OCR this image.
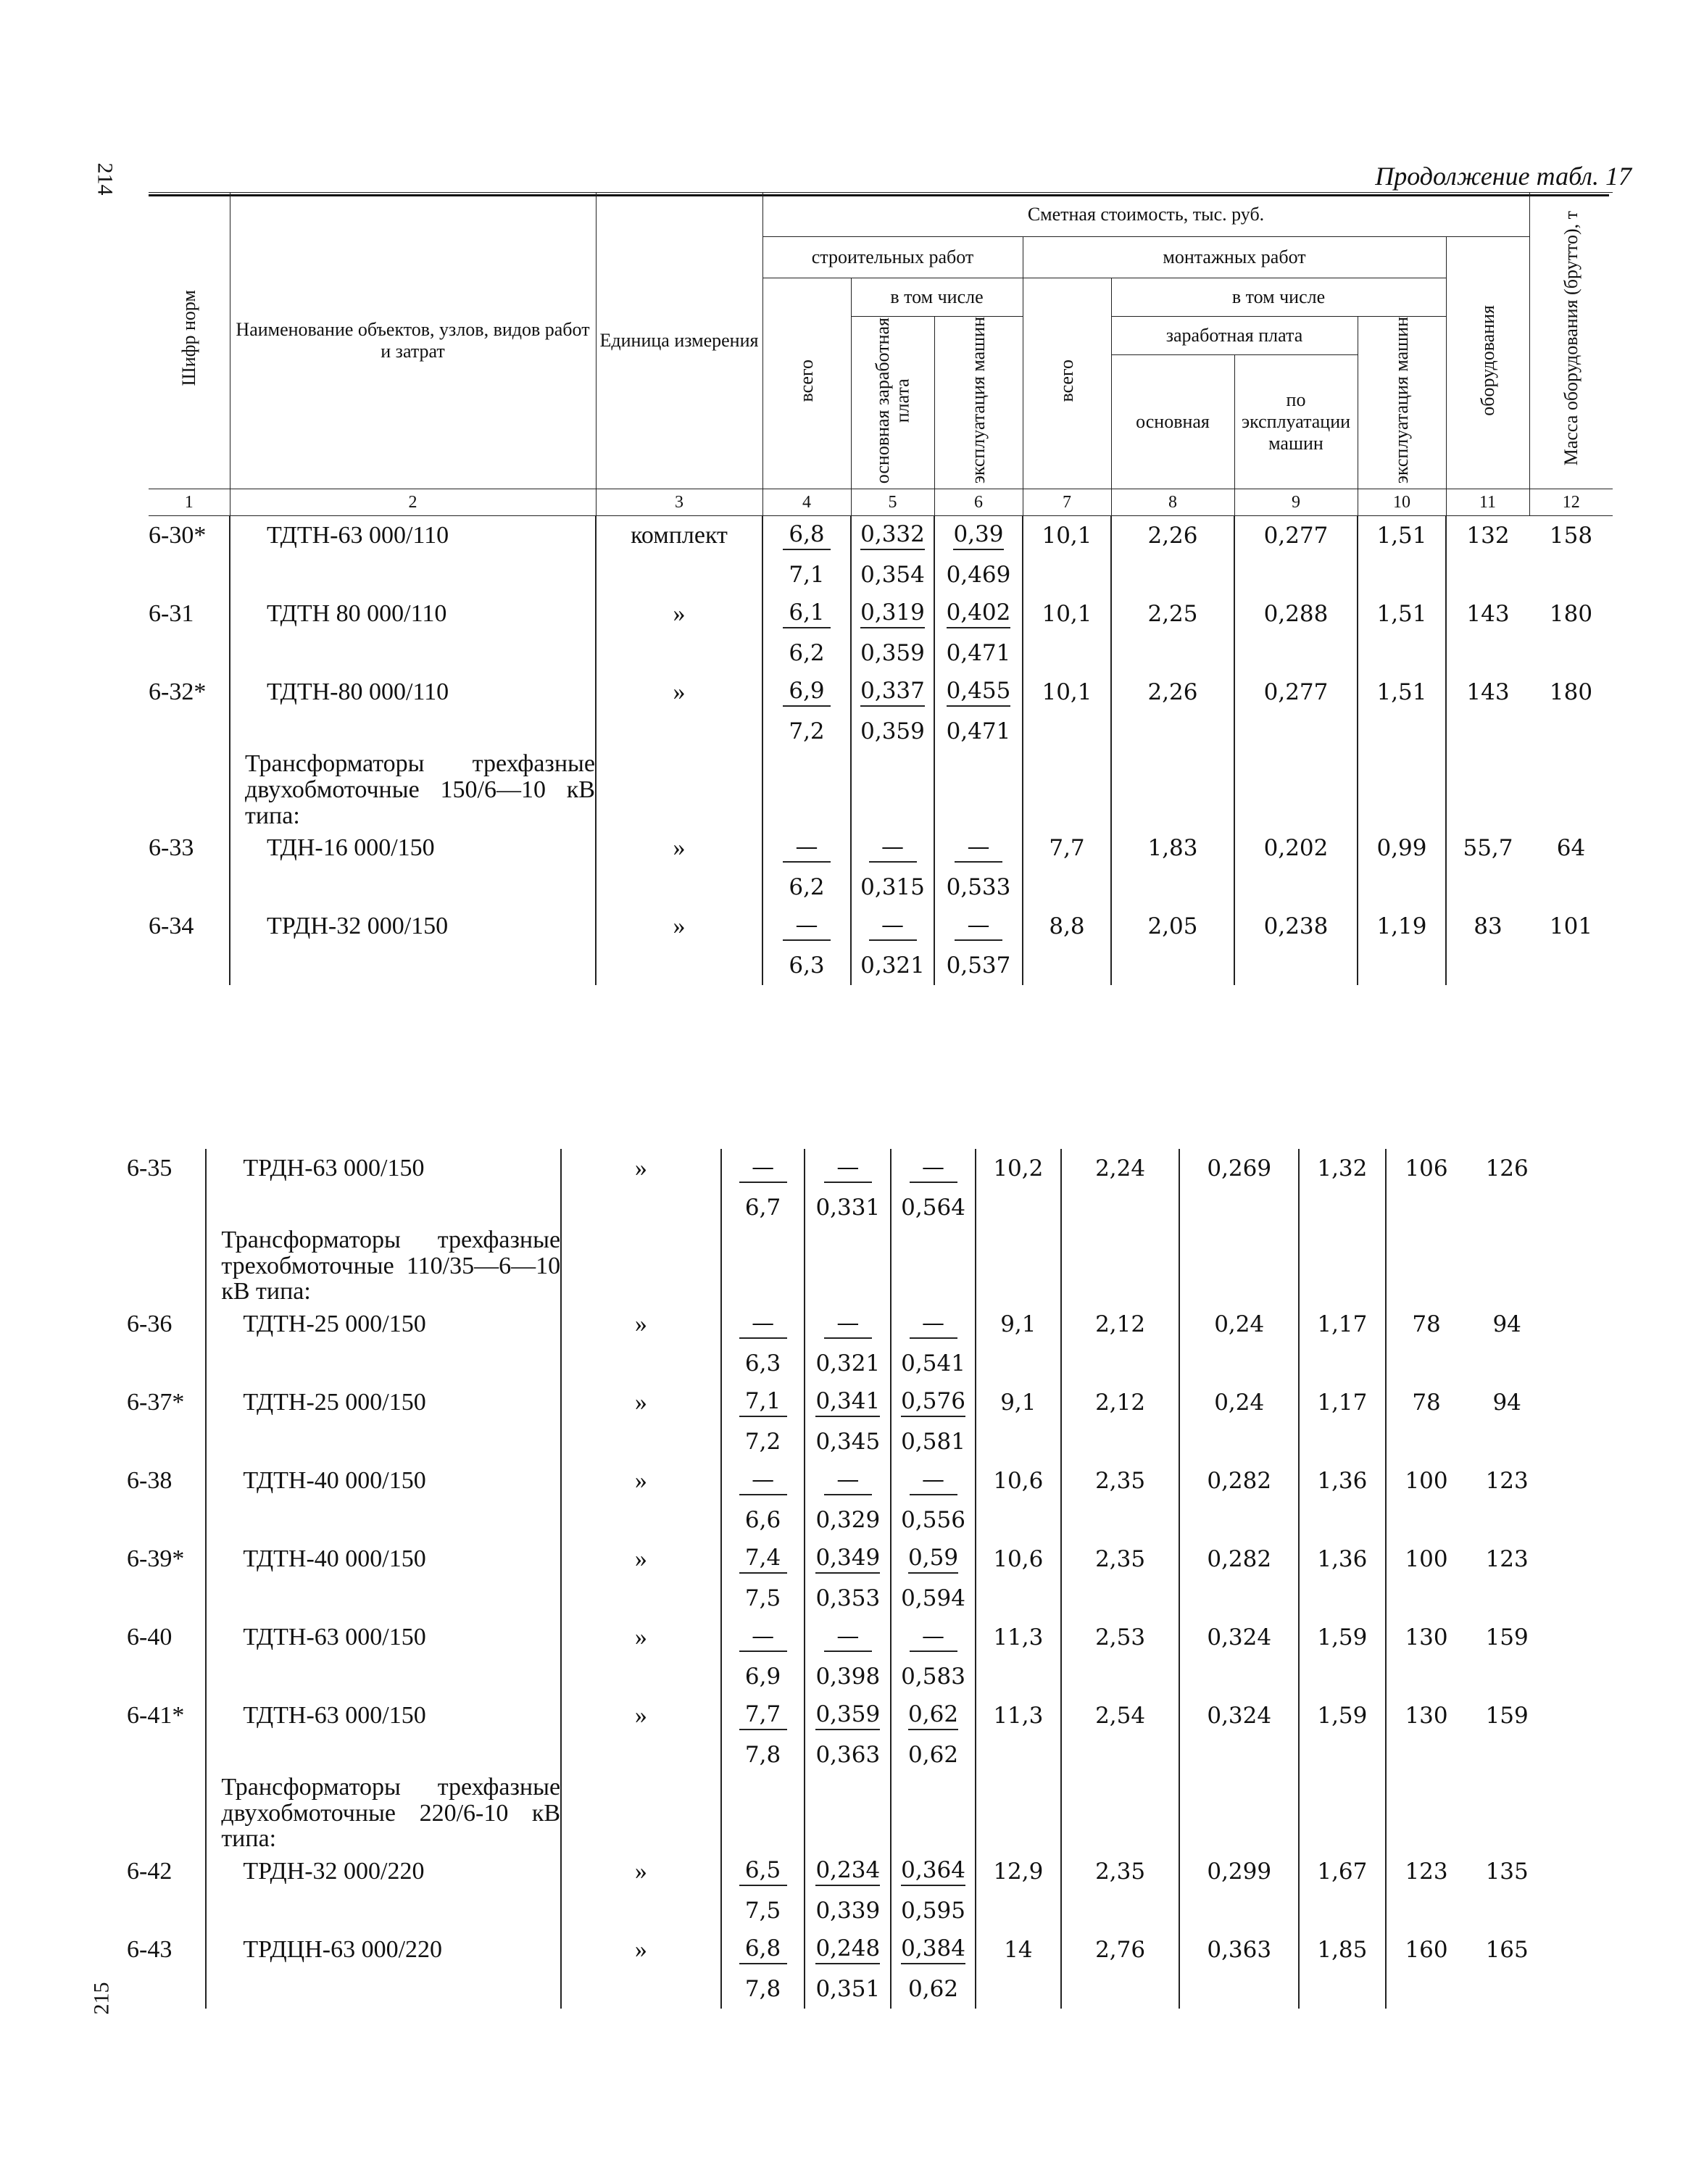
214
215
Продолжение табл. 17
Шифр норм	Наименование объектов, узлов, видов работ и затрат	Единица измерения	Сметная стоимость, тыс. руб.								Масса оборудования (брутто), т
			строительных работ			монтажных работ				оборудования	
			всего	в том числе		всего	в том числе				
				основная заработная плата	эксплуатация машин		заработная плата		эксплуатация машин		
							основная	по эксплуатации машин			
1	2	3	4	5	6	7	8	9	10	11	12
6-30*	ТДТН-63 000/110	комплект	6,8	0,332	0,39	10,1	2,26	0,277	1,51	132	158
			7,1	0,354	0,469						
6-31	ТДТН 80 000/110	»	6,1	0,319	0,402	10,1	2,25	0,288	1,51	143	180
			6,2	0,359	0,471						
6-32*	ТДТН-80 000/110	»	6,9	0,337	0,455	10,1	2,26	0,277	1,51	143	180
			7,2	0,359	0,471						
	Трансформаторы трехфазные двухобмоточные 150/6—10 кВ типа:										
6-33	ТДН-16 000/150	»	—	—	—	7,7	1,83	0,202	0,99	55,7	64
			6,2	0,315	0,533						
6-34	ТРДН-32 000/150	»	—	—	—	8,8	2,05	0,238	1,19	83	101
			6,3	0,321	0,537						
6-35	ТРДН-63 000/150	»	—	—	—	10,2	2,24	0,269	1,32	106	126
			6,7	0,331	0,564						
	Трансформаторы трехфазные трехобмоточные 110/35—6—10 кВ типа:										
6-36	ТДТН-25 000/150	»	—	—	—	9,1	2,12	0,24	1,17	78	94
			6,3	0,321	0,541						
6-37*	ТДТН-25 000/150	»	7,1	0,341	0,576	9,1	2,12	0,24	1,17	78	94
			7,2	0,345	0,581						
6-38	ТДТН-40 000/150	»	—	—	—	10,6	2,35	0,282	1,36	100	123
			6,6	0,329	0,556						
6-39*	ТДТН-40 000/150	»	7,4	0,349	0,59	10,6	2,35	0,282	1,36	100	123
			7,5	0,353	0,594						
6-40	ТДТН-63 000/150	»	—	—	—	11,3	2,53	0,324	1,59	130	159
			6,9	0,398	0,583						
6-41*	ТДТН-63 000/150	»	7,7	0,359	0,62	11,3	2,54	0,324	1,59	130	159
			7,8	0,363	0,62						
	Трансформаторы трехфазные двухобмоточные 220/6-10 кВ типа:										
6-42	ТРДН-32 000/220	»	6,5	0,234	0,364	12,9	2,35	0,299	1,67	123	135
			7,5	0,339	0,595						
6-43	ТРДЦН-63 000/220	»	6,8	0,248	0,384	14	2,76	0,363	1,85	160	165
			7,8	0,351	0,62						
